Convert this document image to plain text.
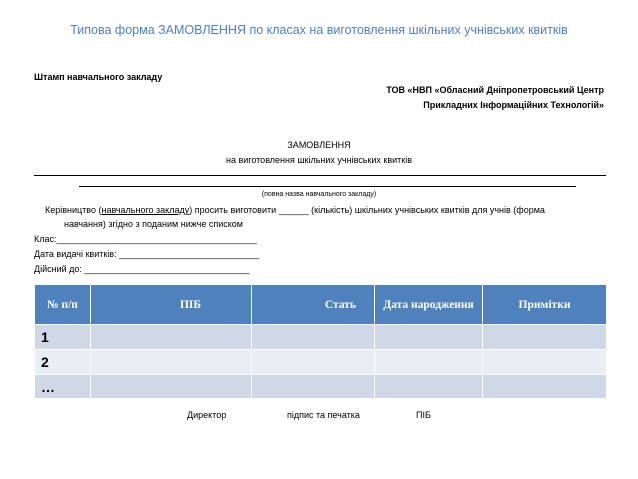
Типова форма ЗАМОВЛЕННЯ по класах на виготовлення шкільних учнівських квитків
Штамп навчального закладу
ТОВ «НВП «Обласний Дніпропетровський Центр
Прикладних Інформаційних Технологій»
ЗАМОВЛЕННЯ
на виготовлення шкільних учнівських квитків
(повна назва навчального закладу)
Керівництво (навчального закладу) просить виготовити ______ (кількість) шкільних учнівських квитків для учнів (форма
навчання) згідно з поданим нижче списком
Клас:________________________________________
Дата видачі квитків: ____________________________
Дійсний до: _________________________________
№ п/п	ПІБ	Стать	Дата народження	Примітки
1				
2				
…				
Директор	підпис та печатка	ПІБ
